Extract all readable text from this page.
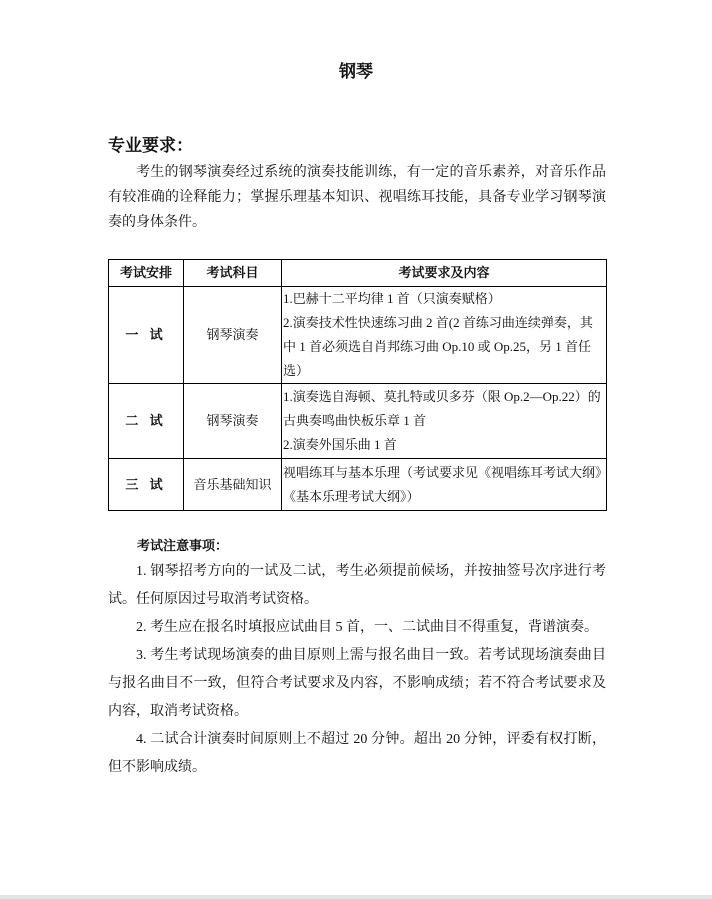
钢琴
专业要求：

考生的钢琴演奏经过系统的演奏技能训练，有一定的音乐素养，对音乐作品有较准确的诠释能力；掌握乐理基本知识、视唱练耳技能，具备专业学习钢琴演奏的身体条件。

考试安排	考试科目	考试要求及内容
一 试	钢琴演奏	1.巴赫十二平均律 1 首（只演奏赋格）
2.演奏技术性快速练习曲 2 首(2 首练习曲连续弹奏，其中 1 首必须选自肖邦练习曲 Op.10 或 Op.25，另 1 首任选）

二 试	钢琴演奏	1.演奏选自海顿、莫扎特或贝多芬（限 Op.2—Op.22）的古典奏鸣曲快板乐章 1 首
2.演奏外国乐曲 1 首

三 试	音乐基础知识	视唱练耳与基本乐理（考试要求见《视唱练耳考试大纲》《基本乐理考试大纲》）
考试注意事项：

1. 钢琴招考方向的一试及二试，考生必须提前候场，并按抽签号次序进行考试。任何原因过号取消考试资格。

2. 考生应在报名时填报应试曲目 5 首，一、二试曲目不得重复，背谱演奏。

3. 考生考试现场演奏的曲目原则上需与报名曲目一致。若考试现场演奏曲目与报名曲目不一致，但符合考试要求及内容，不影响成绩；若不符合考试要求及内容，取消考试资格。

4. 二试合计演奏时间原则上不超过 20 分钟。超出 20 分钟，评委有权打断，但不影响成绩。
